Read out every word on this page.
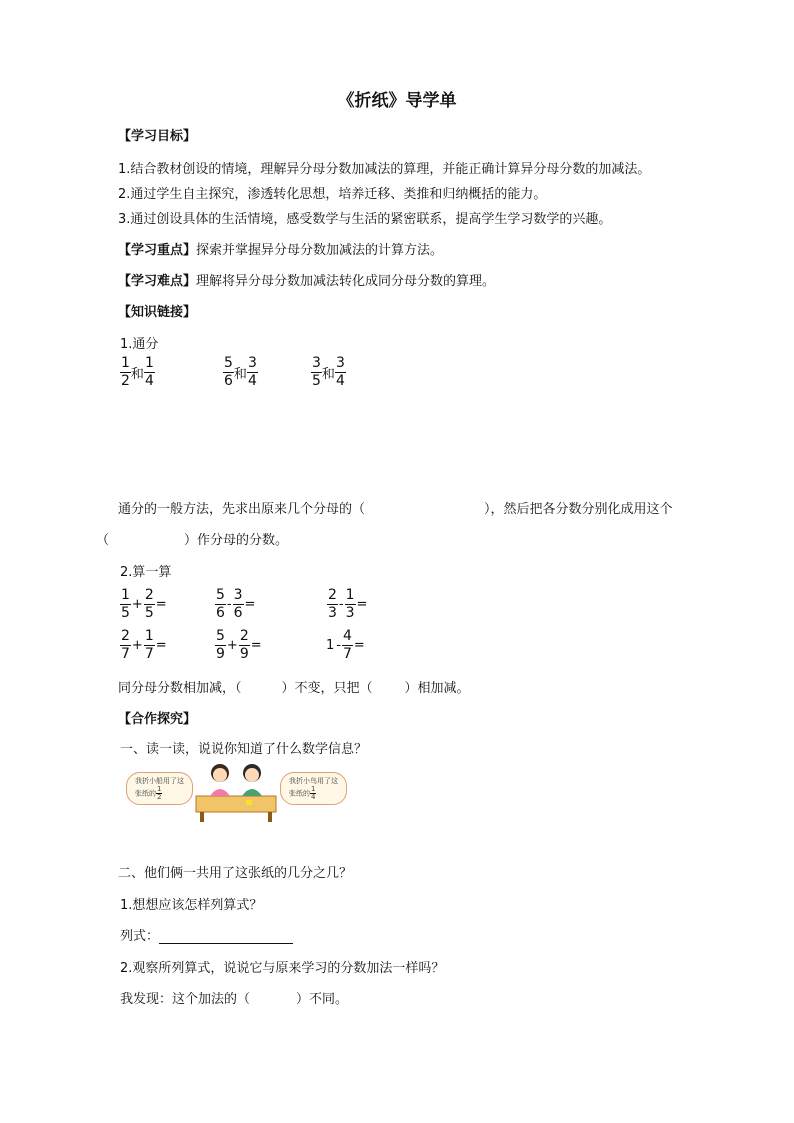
《折纸》导学单
【学习目标】
1.结合教材创设的情境，理解异分母分数加减法的算理，并能正确计算异分母分数的加减法。
2.通过学生自主探究，渗透转化思想，培养迁移、类推和归纳概括的能力。
3.通过创设具体的生活情境，感受数学与生活的紧密联系，提高学生学习数学的兴趣。
【学习重点】探索并掌握异分母分数加减法的计算方法。
【学习难点】理解将异分母分数加减法转化成同分母分数的算理。
【知识链接】
1.通分
$\frac{1}{2}$ 和 $\frac{1}{4}$	$\frac{5}{6}$ 和 $\frac{3}{4}$	$\frac{3}{5}$ 和 $\frac{3}{4}$
通分的一般方法，先求出原来几个分母的（	），然后把各分数分别化成用这个
（	）作分母的分数。
2.算一算
$\frac{1}{5} + \frac{2}{5}$ =	$\frac{5}{6} - \frac{3}{6}$ =	$\frac{2}{3} - \frac{1}{3}$ =
$\frac{2}{7} + \frac{1}{7}$ =	$\frac{5}{9} + \frac{2}{9}$ =	$1 - \frac{4}{7}$ =
同分母分数相加减，（	）不变，只把（ ）相加减。
【合作探究】
一、读一读，说说你知道了什么数学信息？
我折小船用了这
张纸的 $\frac{1}{2}$
我折小鸟用了这
张纸的 $\frac{1}{4}$
二、他们俩一共用了这张纸的几分之几？
1.想想应该怎样列算式？
列式：
2.观察所列算式，说说它与原来学习的分数加法一样吗？
我发现：这个加法的（	）不同。
